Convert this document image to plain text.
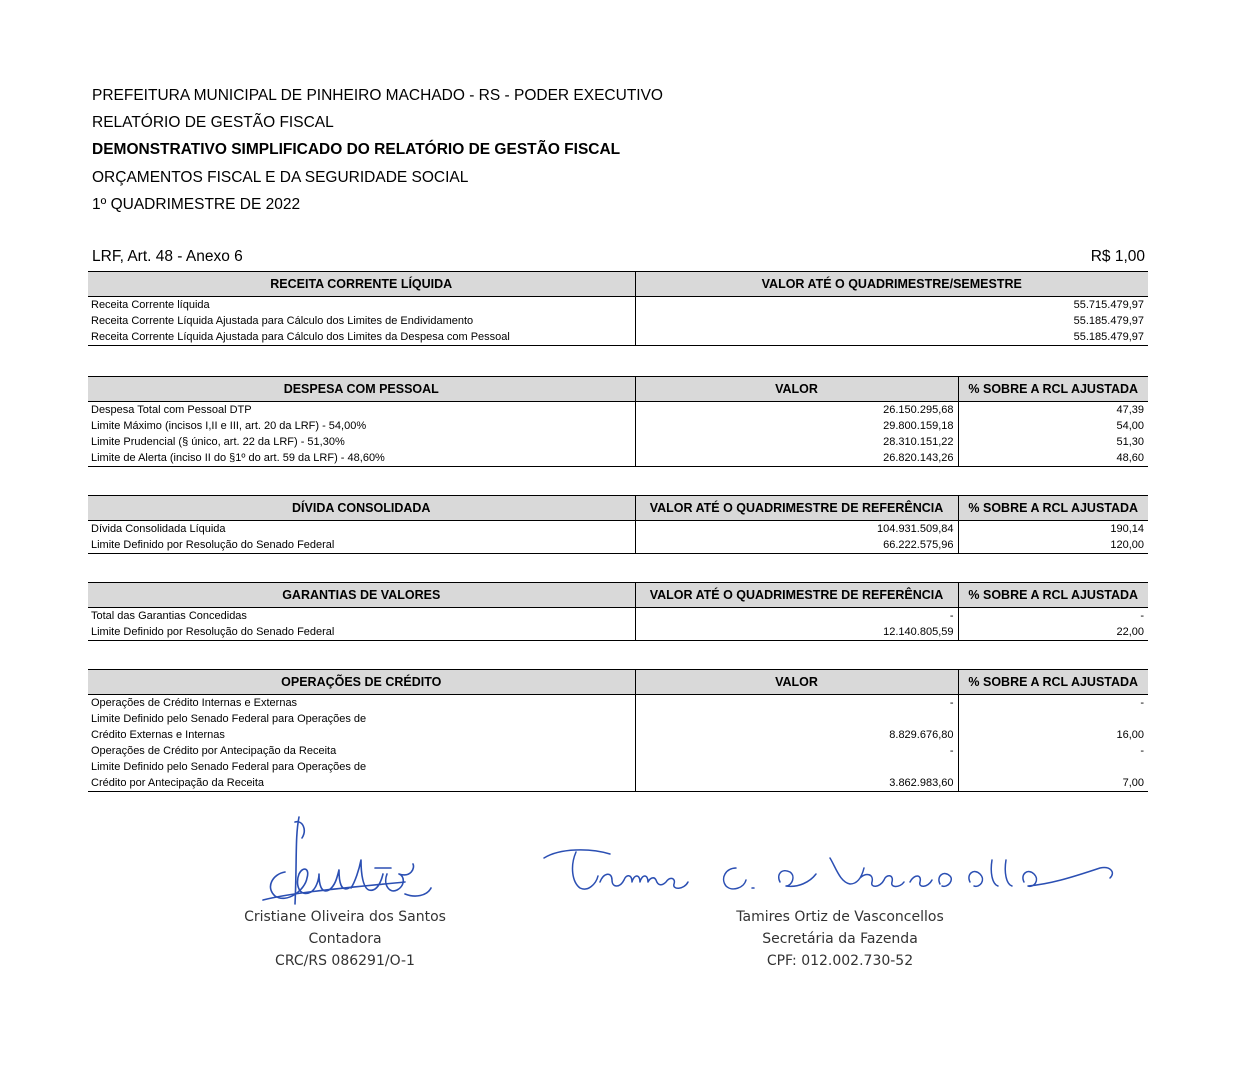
PREFEITURA MUNICIPAL DE PINHEIRO MACHADO - RS - PODER EXECUTIVO
RELATÓRIO DE GESTÃO FISCAL
DEMONSTRATIVO SIMPLIFICADO DO RELATÓRIO DE GESTÃO FISCAL
ORÇAMENTOS FISCAL E DA SEGURIDADE SOCIAL
1º QUADRIMESTRE DE 2022
LRF, Art. 48 - Anexo 6	R$ 1,00
RECEITA CORRENTE LÍQUIDA	VALOR ATÉ O QUADRIMESTRE/SEMESTRE
Receita Corrente líquida	55.715.479,97
Receita Corrente Líquida Ajustada para Cálculo dos Limites de Endividamento	55.185.479,97
Receita Corrente Líquida Ajustada para Cálculo dos Limites da Despesa com Pessoal	55.185.479,97
DESPESA COM PESSOAL	VALOR	% SOBRE A RCL AJUSTADA
Despesa Total com Pessoal DTP	26.150.295,68	47,39
Limite Máximo (incisos I,II e III, art. 20 da LRF) - 54,00%	29.800.159,18	54,00
Limite Prudencial (§ único, art. 22 da LRF) - 51,30%	28.310.151,22	51,30
Limite de Alerta (inciso II do §1º do art. 59 da LRF) - 48,60%	26.820.143,26	48,60
DÍVIDA CONSOLIDADA	VALOR ATÉ O QUADRIMESTRE DE REFERÊNCIA	% SOBRE A RCL AJUSTADA
Dívida Consolidada Líquida	104.931.509,84	190,14
Limite Definido por Resolução do Senado Federal	66.222.575,96	120,00
GARANTIAS DE VALORES	VALOR ATÉ O QUADRIMESTRE DE REFERÊNCIA	% SOBRE A RCL AJUSTADA
Total das Garantias Concedidas	-	-
Limite Definido por Resolução do Senado Federal	12.140.805,59	22,00
OPERAÇÕES DE CRÉDITO	VALOR	% SOBRE A RCL AJUSTADA
Operações de Crédito Internas e Externas	-	-
Limite Definido pelo Senado Federal para Operações de		
Crédito Externas e Internas	8.829.676,80	16,00
Operações de Crédito por Antecipação da Receita	-	-
Limite Definido pelo Senado Federal para Operações de		
Crédito por Antecipação da Receita	3.862.983,60	7,00
Cristiane Oliveira dos Santos
Contadora
CRC/RS 086291/O-1
Tamires Ortiz de Vasconcellos
Secretária da Fazenda
CPF: 012.002.730-52
